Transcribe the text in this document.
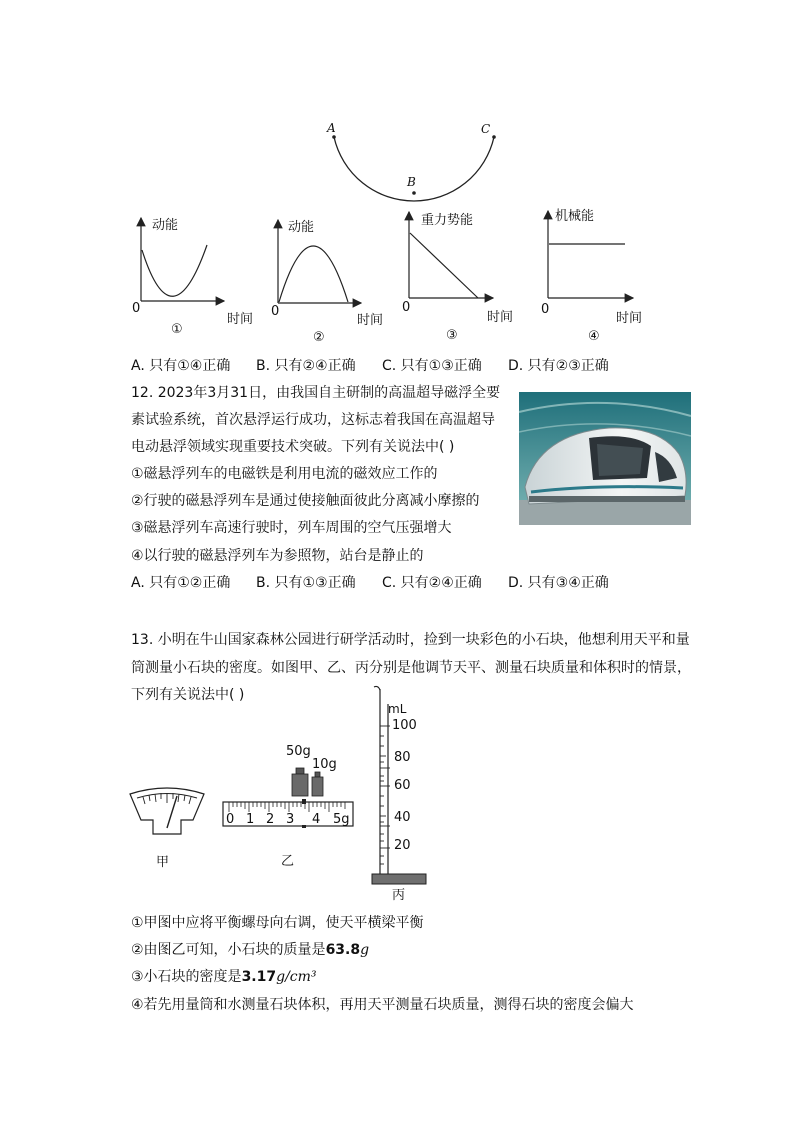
A
B
C
动能
时间
0
①
动能
时间
0
②
重力势能
时间
0
③
机械能
时间
0
④
A. 只有①④正确 B. 只有②④正确 C. 只有①③正确 D. 只有②③正确
12. 2023年3月31日，由我国自主研制的高温超导磁浮全要
素试验系统，首次悬浮运行成功，这标志着我国在高温超导
电动悬浮领域实现重要技术突破。下列有关说法中( )
①磁悬浮列车的电磁铁是利用电流的磁效应工作的
②行驶的磁悬浮列车是通过使接触面彼此分离减小摩擦的
③磁悬浮列车高速行驶时，列车周围的空气压强增大
④以行驶的磁悬浮列车为参照物，站台是静止的
A. 只有①②正确 B. 只有①③正确 C. 只有②④正确 D. 只有③④正确
13. 小明在牛山国家森林公园进行研学活动时，捡到一块彩色的小石块，他想利用天平和量
筒测量小石块的密度。如图甲、乙、丙分别是他调节天平、测量石块质量和体积时的情景，
下列有关说法中( )
甲
50g
10g
0 1 2 3 4 5g
乙
mL
100
80
60
40
20
丙
①甲图中应将平衡螺母向右调，使天平横梁平衡
②由图乙可知，小石块的质量是63.8g
③小石块的密度是3.17g/cm³
④若先用量筒和水测量石块体积，再用天平测量石块质量，测得石块的密度会偏大
